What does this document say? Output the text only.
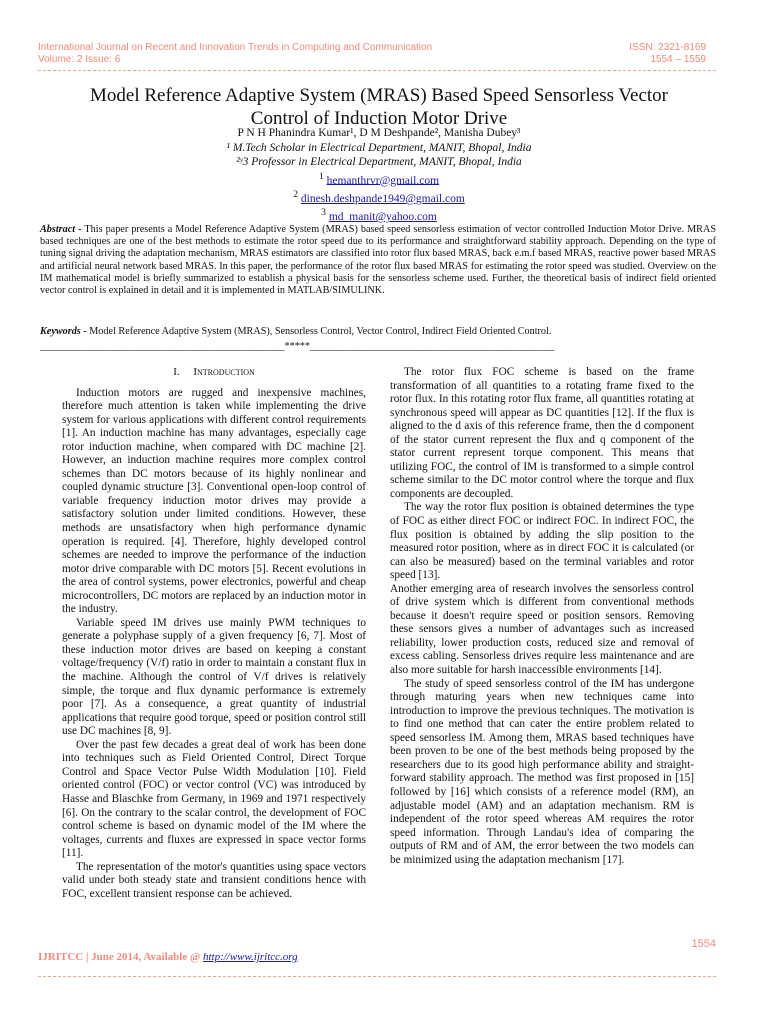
International Journal on Recent and Innovation Trends in Computing and Communication
Volume: 2 Issue: 6
ISSN: 2321-8169
1554 – 1559
Model Reference Adaptive System (MRAS) Based Speed Sensorless Vector
Control of Induction Motor Drive
P N H Phanindra Kumar¹, D M Deshpande², Manisha Dubey³
¹ M.Tech Scholar in Electrical Department, MANIT, Bhopal, India
²ʸ3 Professor in Electrical Department, MANIT, Bhopal, India
$^1$ hemanthrvr@gmail.com
$^2$ dinesh.deshpande1949@gmail.com
$^3$ md_manit@yahoo.com
Abstract - This paper presents a Model Reference Adaptive System (MRAS) based speed sensorless estimation of vector controlled Induction Motor Drive. MRAS based techniques are one of the best methods to estimate the rotor speed due to its performance and straightforward stability approach. Depending on the type of tuning signal driving the adaptation mechanism, MRAS estimators are classified into rotor flux based MRAS, back e.m.f based MRAS, reactive power based MRAS and artificial neural network based MRAS. In this paper, the performance of the rotor flux based MRAS for estimating the rotor speed was studied. Overview on the IM mathematical model is briefly summarized to establish a physical basis for the sensorless scheme used. Further, the theoretical basis of indirect field oriented vector control is explained in detail and it is implemented in MATLAB/SIMULINK.
Keywords - Model Reference Adaptive System (MRAS), Sensorless Control, Vector Control, Indirect Field Oriented Control.
________________________________________________*****________________________________________________

I. Introduction

Induction motors are rugged and inexpensive machines, therefore much attention is taken while implementing the drive system for various applications with different control requirements [1]. An induction machine has many advantages, especially cage rotor induction machine, when compared with DC machine [2]. However, an induction machine requires more complex control schemes than DC motors because of its highly nonlinear and coupled dynamic structure [3]. Conventional open-loop control of variable frequency induction motor drives may provide a satisfactory solution under limited conditions. However, these methods are unsatisfactory when high performance dynamic operation is required. [4]. Therefore, highly developed control schemes are needed to improve the performance of the induction motor drive comparable with DC motors [5]. Recent evolutions in the area of control systems, power electronics, powerful and cheap microcontrollers, DC motors are replaced by an induction motor in the industry.

Variable speed IM drives use mainly PWM techniques to generate a polyphase supply of a given frequency [6, 7]. Most of these induction motor drives are based on keeping a constant voltage/frequency (V/f) ratio in order to maintain a constant flux in the machine. Although the control of V/f drives is relatively simple, the torque and flux dynamic performance is extremely poor [7]. As a consequence, a great quantity of industrial applications that require good torque, speed or position control still use DC machines [8, 9].

Over the past few decades a great deal of work has been done into techniques such as Field Oriented Control, Direct Torque Control and Space Vector Pulse Width Modulation [10]. Field oriented control (FOC) or vector control (VC) was introduced by Hasse and Blaschke from Germany, in 1969 and 1971 respectively [6]. On the contrary to the scalar control, the development of FOC control scheme is based on dynamic model of the IM where the voltages, currents and fluxes are expressed in space vector forms [11].

The representation of the motor's quantities using space vectors valid under both steady state and transient conditions hence with FOC, excellent transient response can be achieved.

The rotor flux FOC scheme is based on the frame transformation of all quantities to a rotating frame fixed to the rotor flux. In this rotating rotor flux frame, all quantities rotating at synchronous speed will appear as DC quantities [12]. If the flux is aligned to the d axis of this reference frame, then the d component of the stator current represent the flux and q component of the stator current represent torque component. This means that utilizing FOC, the control of IM is transformed to a simple control scheme similar to the DC motor control where the torque and flux components are decoupled.

The way the rotor flux position is obtained determines the type of FOC as either direct FOC or indirect FOC. In indirect FOC, the flux position is obtained by adding the slip position to the measured rotor position, where as in direct FOC it is calculated (or can also be measured) based on the terminal variables and rotor speed [13].

Another emerging area of research involves the sensorless control of drive system which is different from conventional methods because it doesn't require speed or position sensors. Removing these sensors gives a number of advantages such as increased reliability, lower production costs, reduced size and removal of excess cabling. Sensorless drives require less maintenance and are also more suitable for harsh inaccessible environments [14].

The study of speed sensorless control of the IM has undergone through maturing years when new techniques came into introduction to improve the previous techniques. The motivation is to find one method that can cater the entire problem related to speed sensorless IM. Among them, MRAS based techniques have been proven to be one of the best methods being proposed by the researchers due to its good high performance ability and straight-forward stability approach. The method was first proposed in [15] followed by [16] which consists of a reference model (RM), an adjustable model (AM) and an adaptation mechanism. RM is independent of the rotor speed whereas AM requires the rotor speed information. Through Landau's idea of comparing the outputs of RM and of AM, the error between the two models can be minimized using the adaptation mechanism [17].

1554
IJRITCC | June 2014, Available @ http://www.ijritcc.org
